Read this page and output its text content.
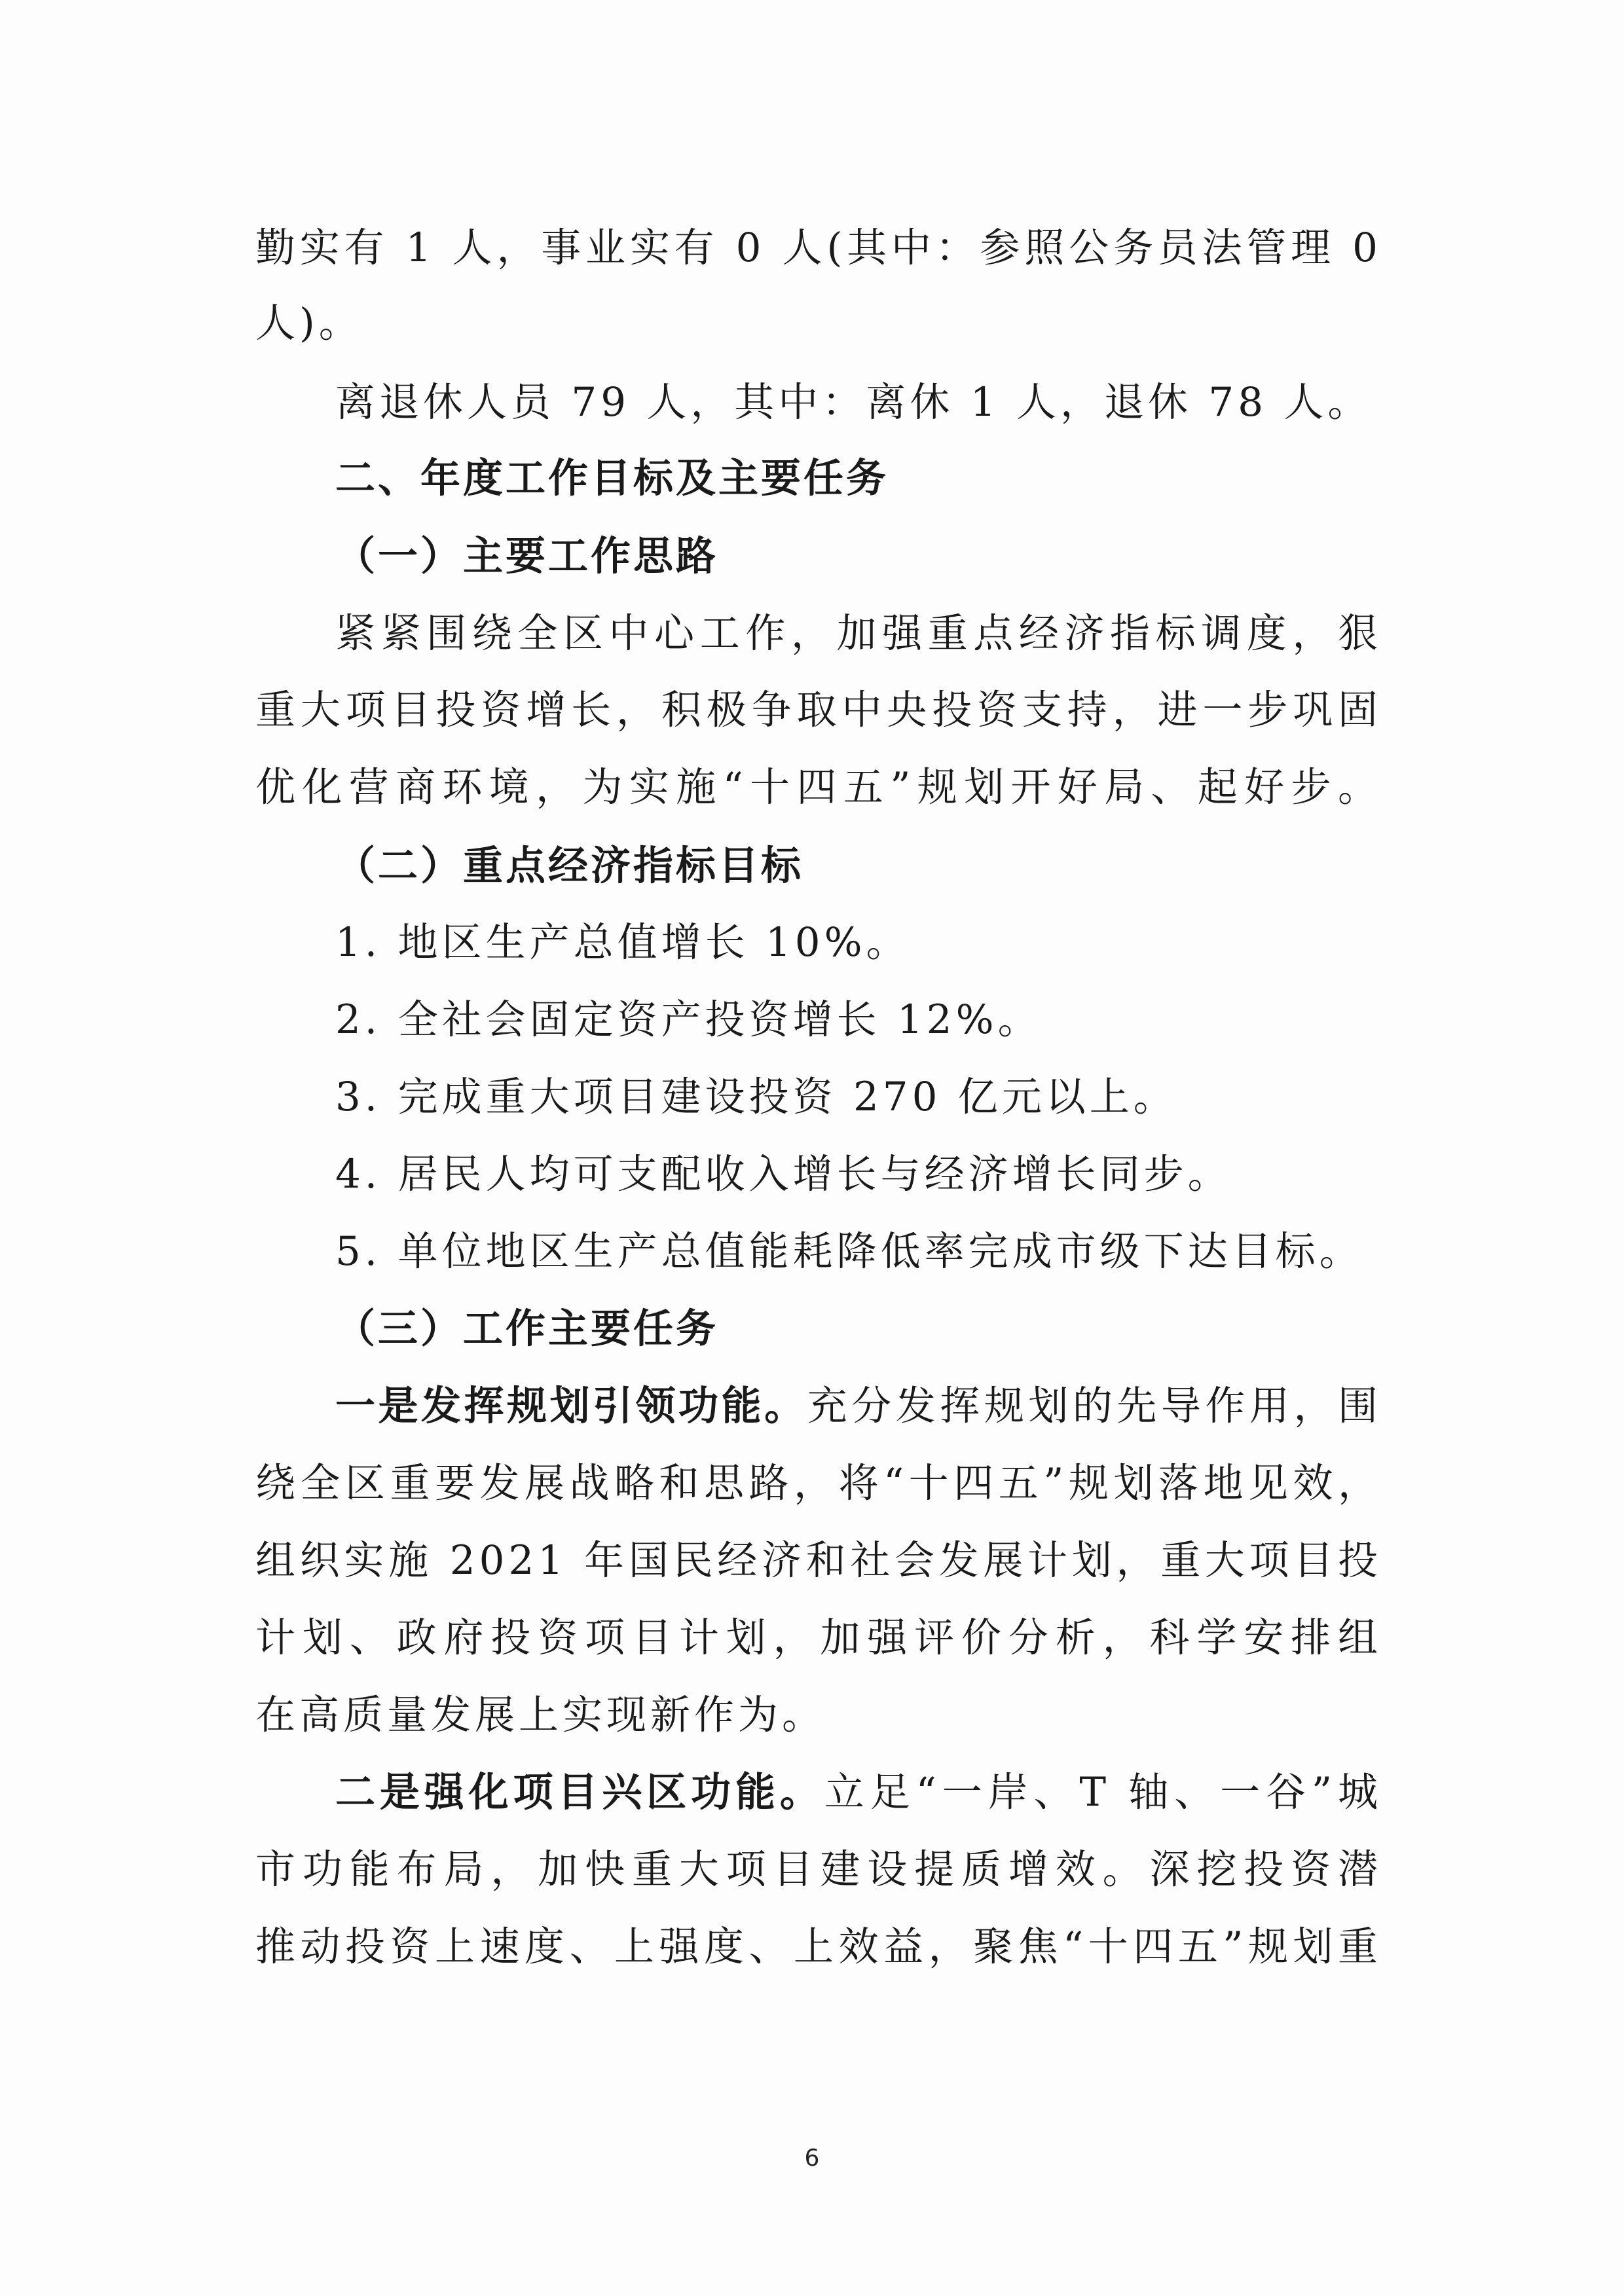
勤实有 1 人，事业实有 0 人(其中：参照公务员法管理 0
人)。
离退休人员 79 人，其中：离休 1 人，退休 78 人。
二、年度工作目标及主要任务
（一）主要工作思路
紧紧围绕全区中心工作，加强重点经济指标调度，狠
重大项目投资增长，积极争取中央投资支持，进一步巩固
优化营商环境，为实施“十四五”规划开好局、起好步。
（二）重点经济指标目标
1. 地区生产总值增长 10%。
2. 全社会固定资产投资增长 12%。
3. 完成重大项目建设投资 270 亿元以上。
4. 居民人均可支配收入增长与经济增长同步。
5. 单位地区生产总值能耗降低率完成市级下达目标。
（三）工作主要任务
一是发挥规划引领功能。充分发挥规划的先导作用，围
绕全区重要发展战略和思路，将“十四五”规划落地见效，
组织实施 2021 年国民经济和社会发展计划，重大项目投
计划、政府投资项目计划，加强评价分析，科学安排组
在高质量发展上实现新作为。
二是强化项目兴区功能。立足“一岸、T 轴、一谷”城
市功能布局，加快重大项目建设提质增效。深挖投资潜
推动投资上速度、上强度、上效益，聚焦“十四五”规划重
6
